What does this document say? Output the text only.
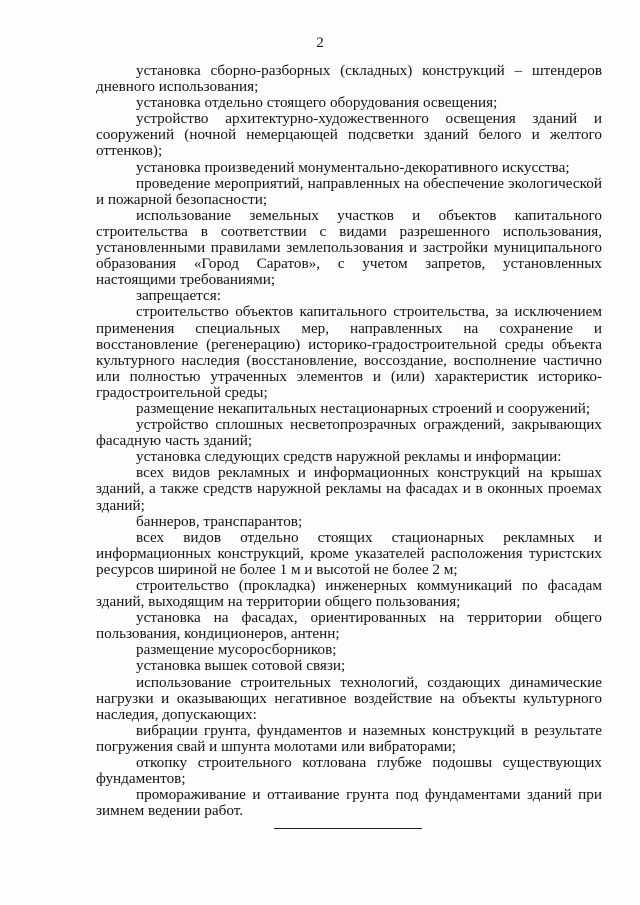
2

установка сборно-разборных (складных) конструкций – штендеров дневного использования;

установка отдельно стоящего оборудования освещения;

устройство архитектурно-художественного освещения зданий и сооружений (ночной немерцающей подсветки зданий белого и желтого оттенков);

установка произведений монументально-декоративного искусства;

проведение мероприятий, направленных на обеспечение экологической и пожарной безопасности;

использование земельных участков и объектов капитального строительства в соответствии с видами разрешенного использования, установленными правилами землепользования и застройки муниципального образования «Город Саратов», с учетом запретов, установленных настоящими требованиями;

запрещается:

строительство объектов капитального строительства, за исключением применения специальных мер, направленных на сохранение и восстановление (регенерацию) историко-градостроительной среды объекта культурного наследия (восстановление, воссоздание, восполнение частично или полностью утраченных элементов и (или) характеристик историко-градостроительной среды;

размещение некапитальных нестационарных строений и сооружений;

устройство сплошных несветопрозрачных ограждений, закрывающих фасадную часть зданий;

установка следующих средств наружной рекламы и информации:

всех видов рекламных и информационных конструкций на крышах зданий, а также средств наружной рекламы на фасадах и в оконных проемах зданий;

баннеров, транспарантов;

всех видов отдельно стоящих стационарных рекламных и информационных конструкций, кроме указателей расположения туристских ресурсов шириной не более 1 м и высотой не более 2 м;

строительство (прокладка) инженерных коммуникаций по фасадам зданий, выходящим на территории общего пользования;

установка на фасадах, ориентированных на территории общего пользования, кондиционеров, антенн;

размещение мусоросборников;

установка вышек сотовой связи;

использование строительных технологий, создающих динамические нагрузки и оказывающих негативное воздействие на объекты культурного наследия, допускающих:

вибрации грунта, фундаментов и наземных конструкций в результате погружения свай и шпунта молотами или вибраторами;

откопку строительного котлована глубже подошвы существующих фундаментов;

промораживание и оттаивание грунта под фундаментами зданий при зимнем ведении работ.
